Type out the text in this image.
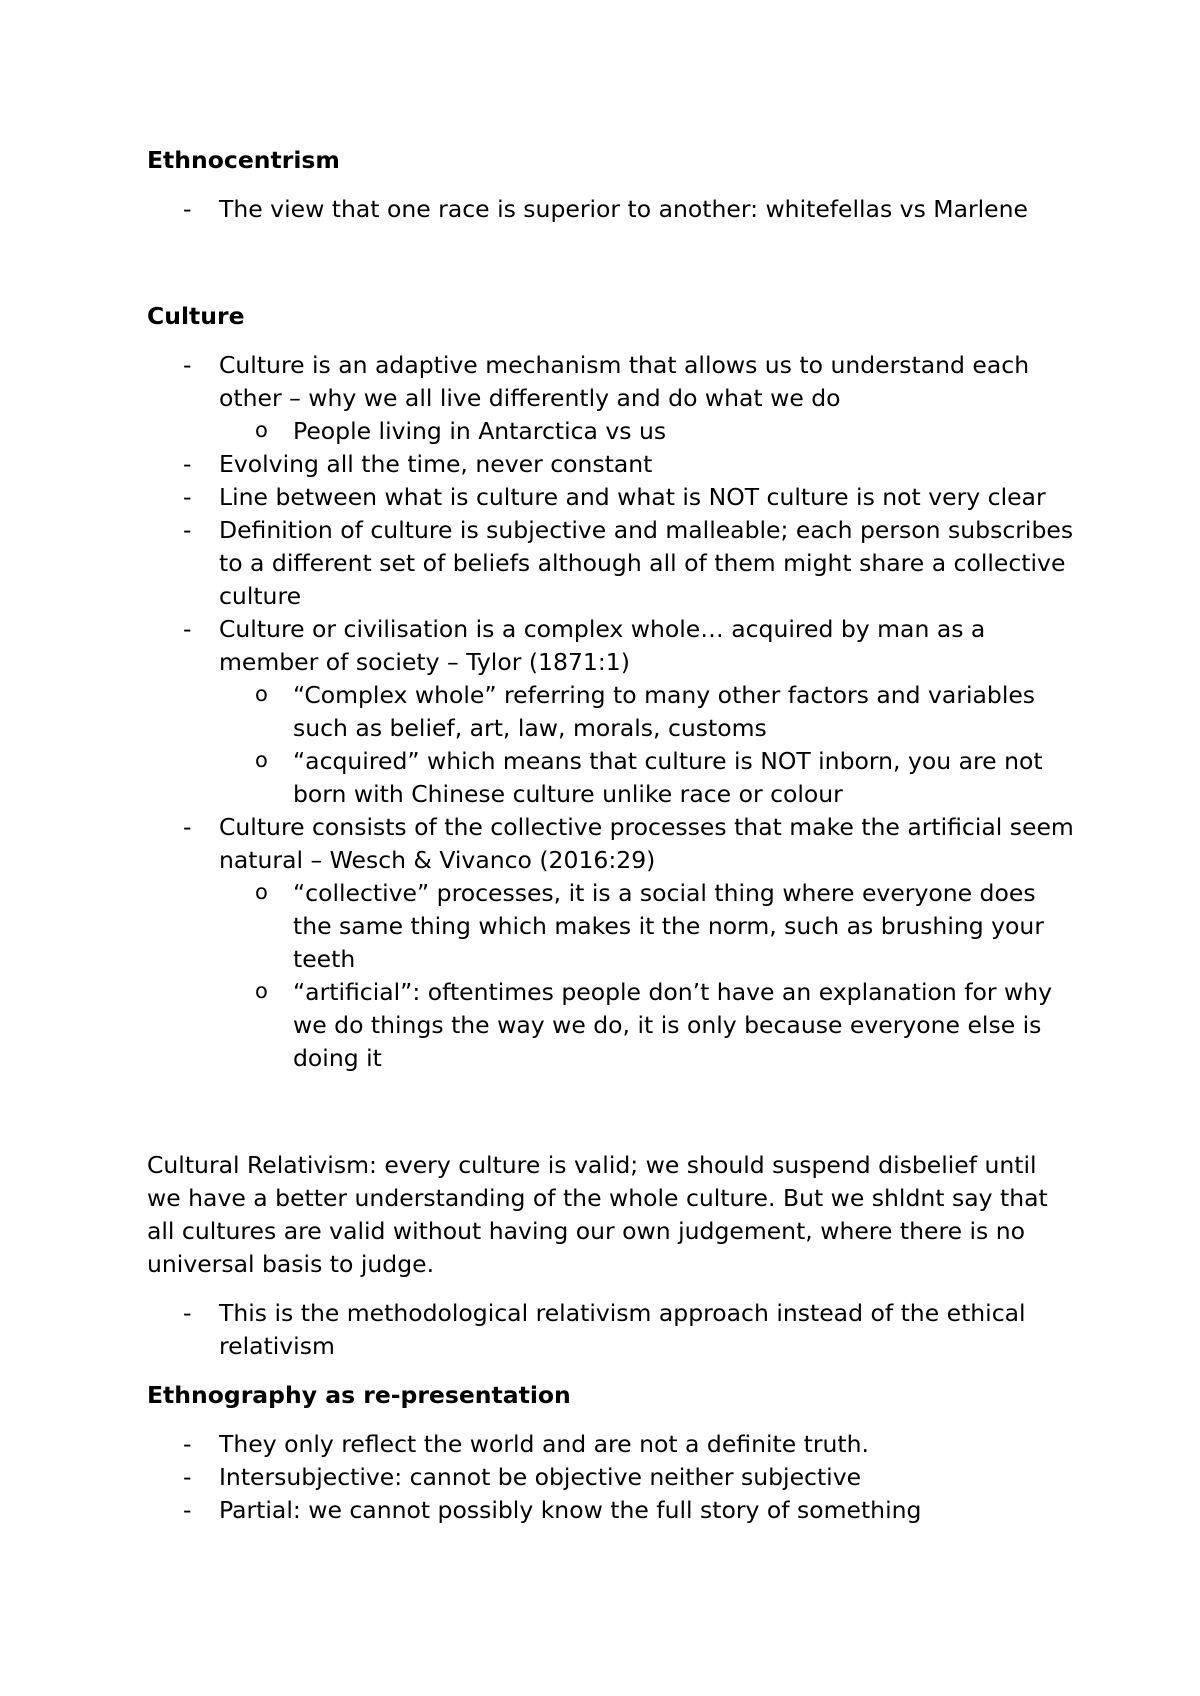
Ethnocentrism

- The view that one race is superior to another: whitefellas vs Marlene

Culture

- Culture is an adaptive mechanism that allows us to understand each other – why we all live differently and do what we do
o People living in Antarctica vs us
- Evolving all the time, never constant
- Line between what is culture and what is NOT culture is not very clear
- Definition of culture is subjective and malleable; each person subscribes to a different set of beliefs although all of them might share a collective culture
- Culture or civilisation is a complex whole… acquired by man as a member of society – Tylor (1871:1)
o “Complex whole” referring to many other factors and variables such as belief, art, law, morals, customs
o “acquired” which means that culture is NOT inborn, you are not born with Chinese culture unlike race or colour
- Culture consists of the collective processes that make the artificial seem natural – Wesch & Vivanco (2016:29)
o “collective” processes, it is a social thing where everyone does the same thing which makes it the norm, such as brushing your teeth
o “artificial”: oftentimes people don’t have an explanation for why we do things the way we do, it is only because everyone else is doing it

Cultural Relativism: every culture is valid; we should suspend disbelief until we have a better understanding of the whole culture. But we shldnt say that all cultures are valid without having our own judgement, where there is no universal basis to judge.

- This is the methodological relativism approach instead of the ethical relativism

Ethnography as re-presentation

- They only reflect the world and are not a definite truth.
- Intersubjective: cannot be objective neither subjective
- Partial: we cannot possibly know the full story of something
